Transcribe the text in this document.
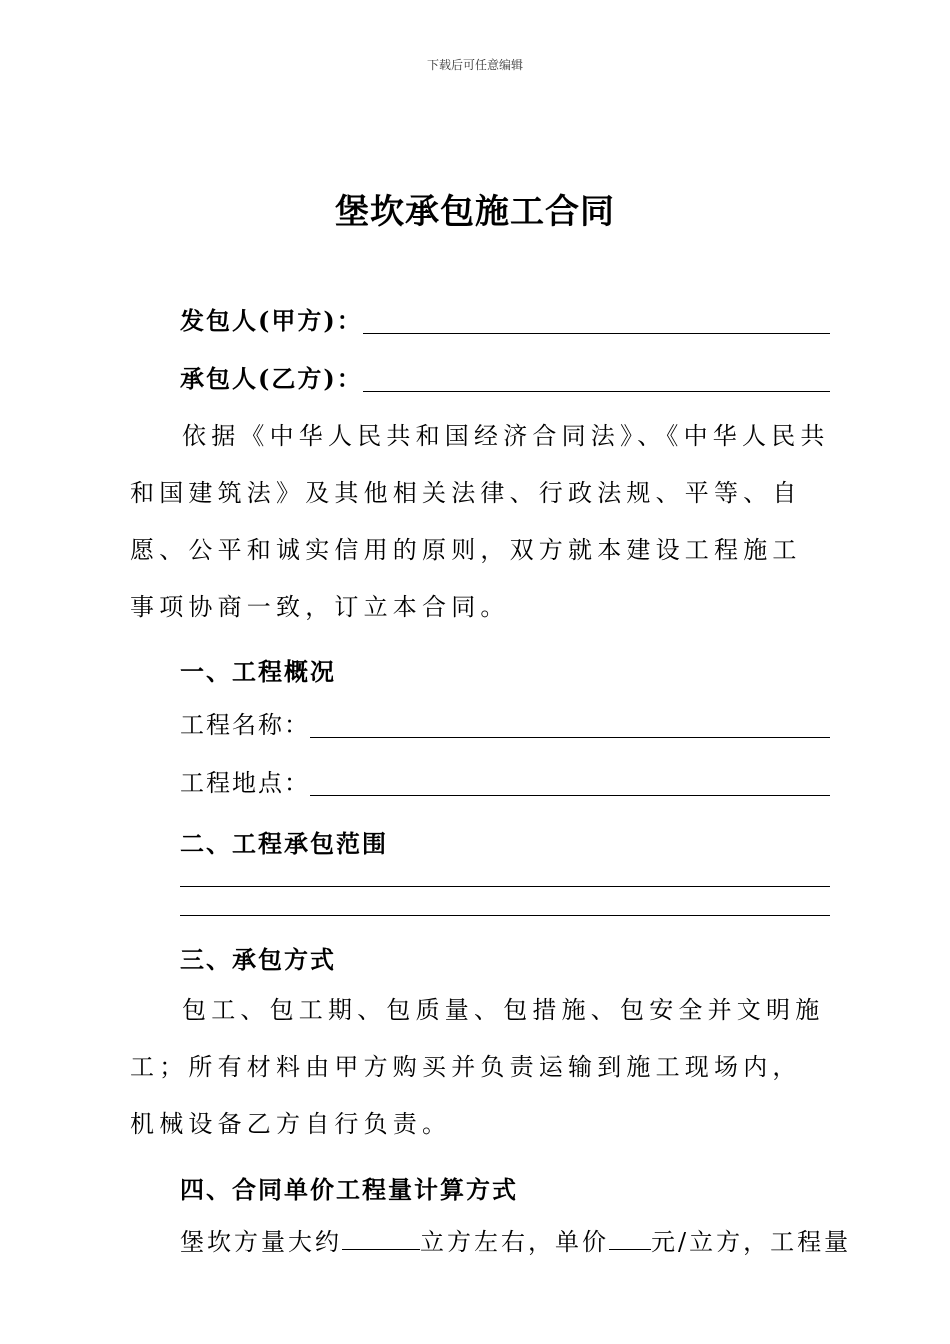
下载后可任意编辑
堡坎承包施工合同
发包人(甲方)：
承包人(乙方)：

依据《中华人民共和国经济合同法》、《中华人民共和国建筑法》及其他相关法律、行政法规、平等、自愿、公平和诚实信用的原则，双方就本建设工程施工事项协商一致，订立本合同。

一、工程概况
工程名称：
工程地点：
二、工程承包范围
三、承包方式

包工、包工期、包质量、包措施、包安全并文明施工；所有材料由甲方购买并负责运输到施工现场内，机械设备乙方自行负责。

四、合同单价工程量计算方式
堡坎方量大约	立方左右，单价 元/立方，工程量
